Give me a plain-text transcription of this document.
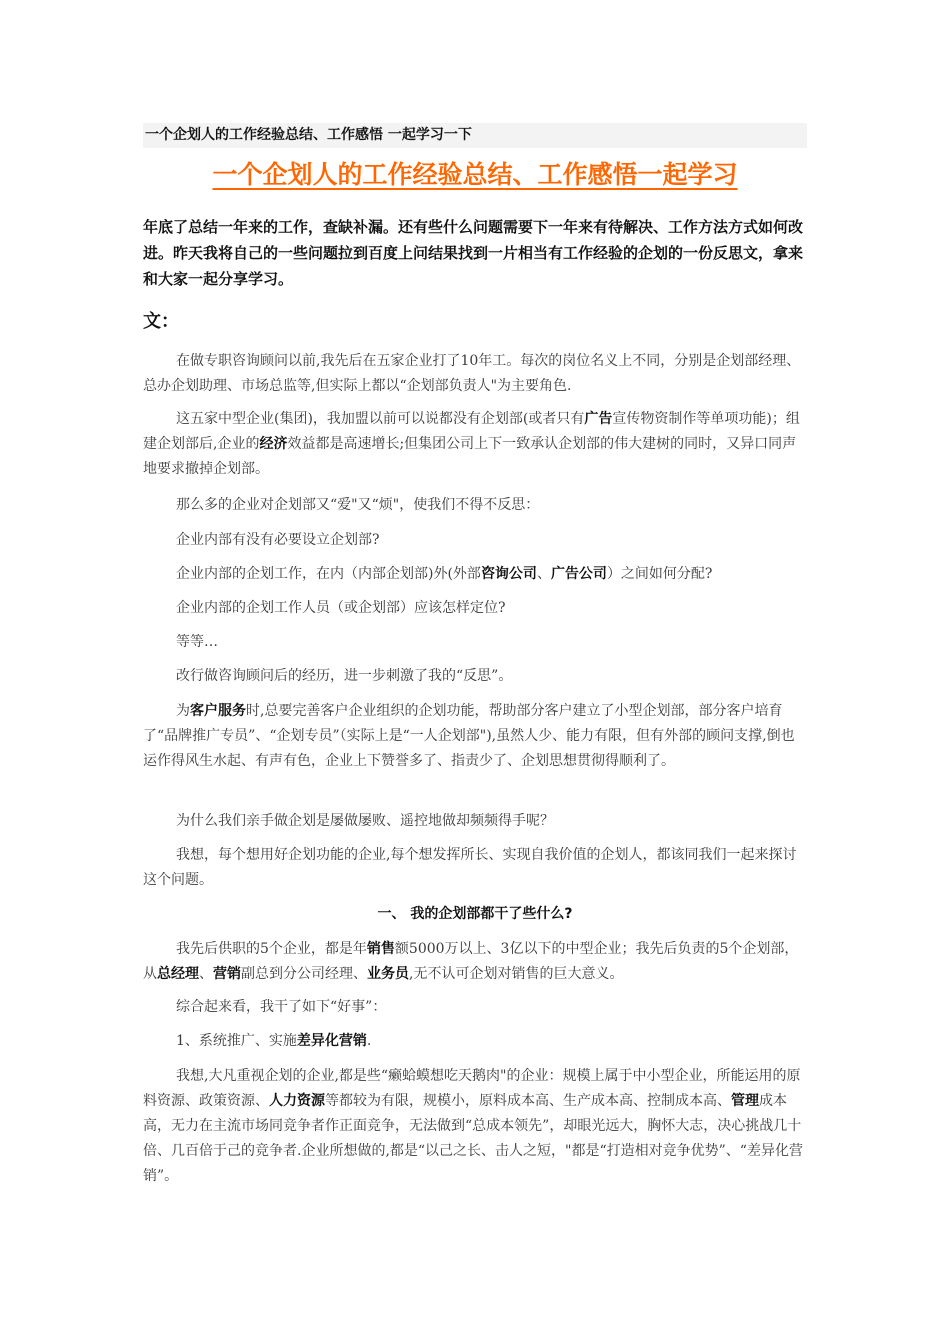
一个企划人的工作经验总结、工作感悟 一起学习一下
一个企划人的工作经验总结、工作感悟一起学习
年底了总结一年来的工作，查缺补漏。还有些什么问题需要下一年来有待解决、工作方法方式如何改进。昨天我将自己的一些问题拉到百度上问结果找到一片相当有工作经验的企划的一份反思文，拿来和大家一起分享学习。
文：

在做专职咨询顾问以前,我先后在五家企业打了10年工。每次的岗位名义上不同，分别是企划部经理、总办企划助理、市场总监等,但实际上都以“企划部负责人"为主要角色.

这五家中型企业(集团)，我加盟以前可以说都没有企划部(或者只有广告宣传物资制作等单项功能)；组建企划部后,企业的经济效益都是高速增长;但集团公司上下一致承认企划部的伟大建树的同时，又异口同声地要求撤掉企划部。

那么多的企业对企划部又“爱"又“烦"，使我们不得不反思：

企业内部有没有必要设立企划部?

企业内部的企划工作，在内（内部企划部)外(外部咨询公司、广告公司）之间如何分配?

企业内部的企划工作人员（或企划部）应该怎样定位?

等等…

改行做咨询顾问后的经历，进一步刺激了我的“反思”。

为客户服务时,总要完善客户企业组织的企划功能，帮助部分客户建立了小型企划部，部分客户培育了“品牌推广专员”、“企划专员”（实际上是“一人企划部"),虽然人少、能力有限，但有外部的顾问支撑,倒也运作得风生水起、有声有色，企业上下赞誉多了、指责少了、企划思想贯彻得顺利了。

为什么我们亲手做企划是屡做屡败、遥控地做却频频得手呢？

我想，每个想用好企划功能的企业,每个想发挥所长、实现自我价值的企划人，都该同我们一起来探讨这个问题。

一、 我的企划部都干了些什么?

我先后供职的5个企业，都是年销售额5000万以上、3亿以下的中型企业；我先后负责的5个企划部，从总经理、营销副总到分公司经理、业务员,无不认可企划对销售的巨大意义。

综合起来看，我干了如下“好事”：

1、系统推广、实施差异化营销.

我想,大凡重视企划的企业,都是些“癞蛤蟆想吃天鹅肉"的企业：规模上属于中小型企业，所能运用的原料资源、政策资源、人力资源等都较为有限，规模小，原料成本高、生产成本高、控制成本高、管理成本高，无力在主流市场同竞争者作正面竞争，无法做到“总成本领先”，却眼光远大，胸怀大志，决心挑战几十倍、几百倍于己的竞争者.企业所想做的,都是“以己之长、击人之短，"都是“打造相对竞争优势”、“差异化营销”。
